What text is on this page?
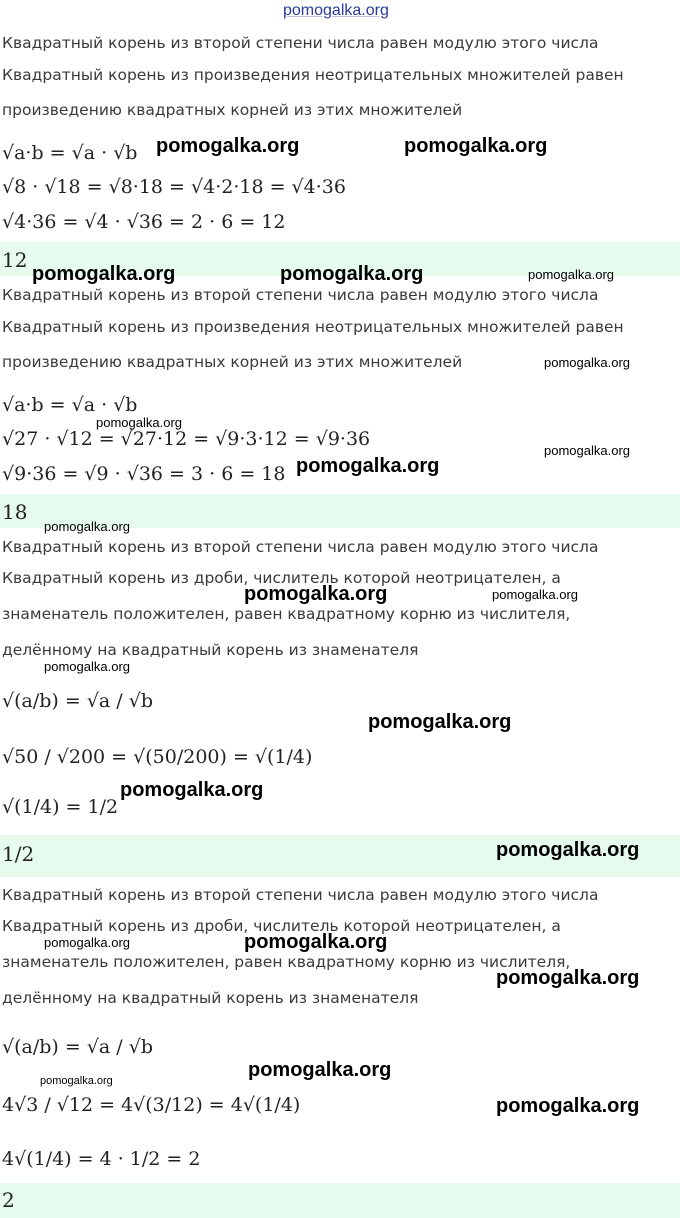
pomogalka.org
Квадратный корень из второй степени числа равен модулю этого числа
Квадратный корень из произведения неотрицательных множителей равен
произведению квадратных корней из этих множителей
√a·b = √a · √b
√8 · √18 = √8·18 = √4·2·18 = √4·36
√4·36 = √4 · √36 = 2 · 6 = 12
12
Квадратный корень из второй степени числа равен модулю этого числа
Квадратный корень из произведения неотрицательных множителей равен
произведению квадратных корней из этих множителей
√a·b = √a · √b
√27 · √12 = √27·12 = √9·3·12 = √9·36
√9·36 = √9 · √36 = 3 · 6 = 18
18
Квадратный корень из второй степени числа равен модулю этого числа
Квадратный корень из дроби, числитель которой неотрицателен, а
знаменатель положителен, равен квадратному корню из числителя,
делённому на квадратный корень из знаменателя
√(a/b) = √a / √b
√50 / √200 = √(50/200) = √(1/4)
√(1/4) = 1/2
1/2
Квадратный корень из второй степени числа равен модулю этого числа
Квадратный корень из дроби, числитель которой неотрицателен, а
знаменатель положителен, равен квадратному корню из числителя,
делённому на квадратный корень из знаменателя
√(a/b) = √a / √b
4√3 / √12 = 4√(3/12) = 4√(1/4)
4√(1/4) = 4 · 1/2 = 2
2
pomogalka.org	pomogalka.org
pomogalka.org	pomogalka.org	pomogalka.org
pomogalka.org
pomogalka.org
pomogalka.org
pomogalka.org
pomogalka.org
pomogalka.org	pomogalka.org
pomogalka.org
pomogalka.org
pomogalka.org
pomogalka.org
pomogalka.org	pomogalka.org
pomogalka.org
pomogalka.org
pomogalka.org
pomogalka.org
